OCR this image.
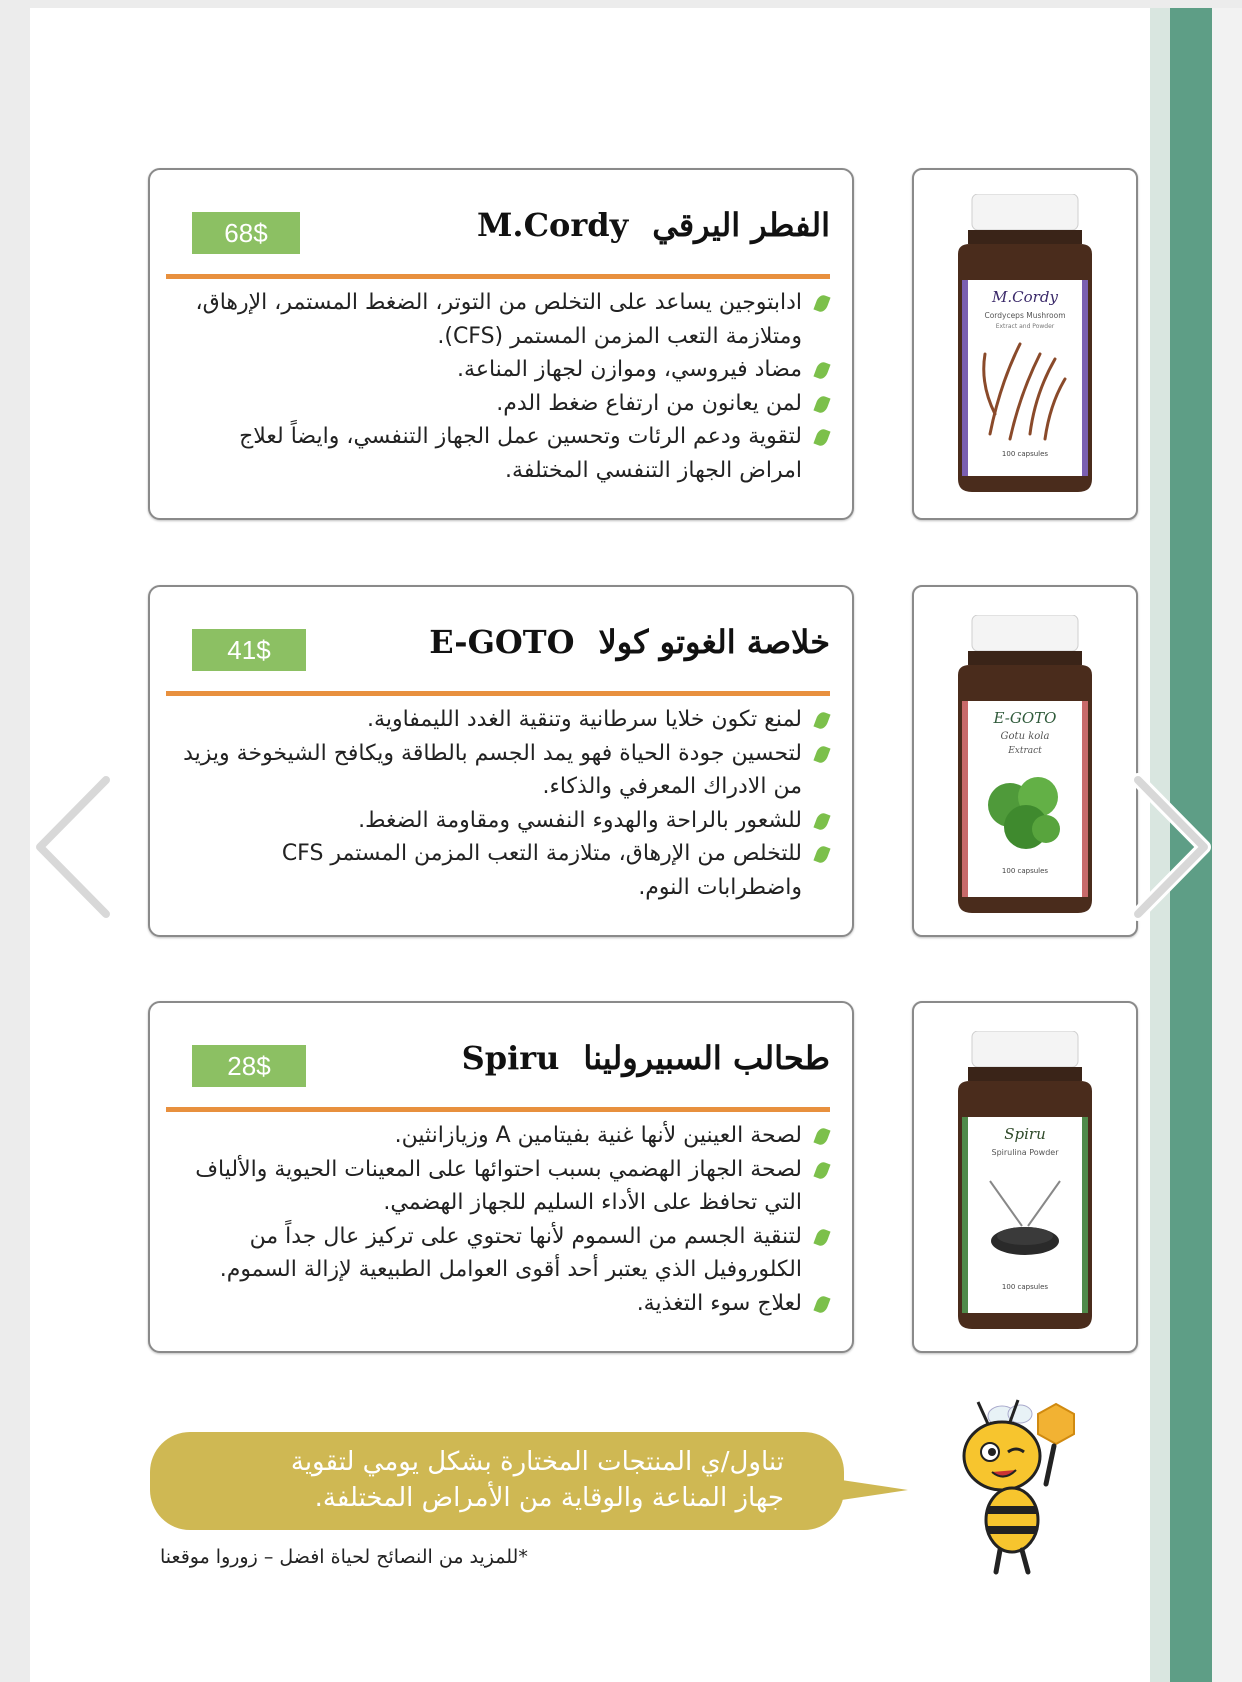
68$	الفطر اليرقيM.Cordy
ادابتوجين يساعد على التخلص من التوتر، الضغط المستمر، الإرهاق، ومتلازمة التعب المزمن المستمر (CFS).
مضاد فيروسي، وموازن لجهاز المناعة.
لمن يعانون من ارتفاع ضغط الدم.
لتقوية ودعم الرئات وتحسين عمل الجهاز التنفسي، وايضاً لعلاج امراض الجهاز التنفسي المختلفة.
M.Cordy
Cordyceps Mushroom
Extract and Powder
100 capsules
41$	خلاصة الغوتو كولاE-GOTO
لمنع تكون خلايا سرطانية وتنقية الغدد الليمفاوية.
لتحسين جودة الحياة فهو يمد الجسم بالطاقة ويكافح الشيخوخة ويزيد من الادراك المعرفي والذكاء.
للشعور بالراحة والهدوء النفسي ومقاومة الضغط.
للتخلص من الإرهاق، متلازمة التعب المزمن المستمر CFS واضطرابات النوم.
E-GOTO
Gotu kola
Extract
100 capsules
28$	طحالب السبيروليناSpiru
لصحة العينين لأنها غنية بفيتامين A وزيازانثين.
لصحة الجهاز الهضمي بسبب احتوائها على المعينات الحيوية والألياف التي تحافظ على الأداء السليم للجهاز الهضمي.
لتنقية الجسم من السموم لأنها تحتوي على تركيز عال جداً من الكلوروفيل الذي يعتبر أحد أقوى العوامل الطبيعية لإزالة السموم.
لعلاج سوء التغذية.
Spiru
Spirulina Powder
100 capsules
تناول/ي المنتجات المختارة بشكل يومي لتقوية
جهاز المناعة والوقاية من الأمراض المختلفة.
*للمزيد من النصائح لحياة افضل – زوروا موقعنا
